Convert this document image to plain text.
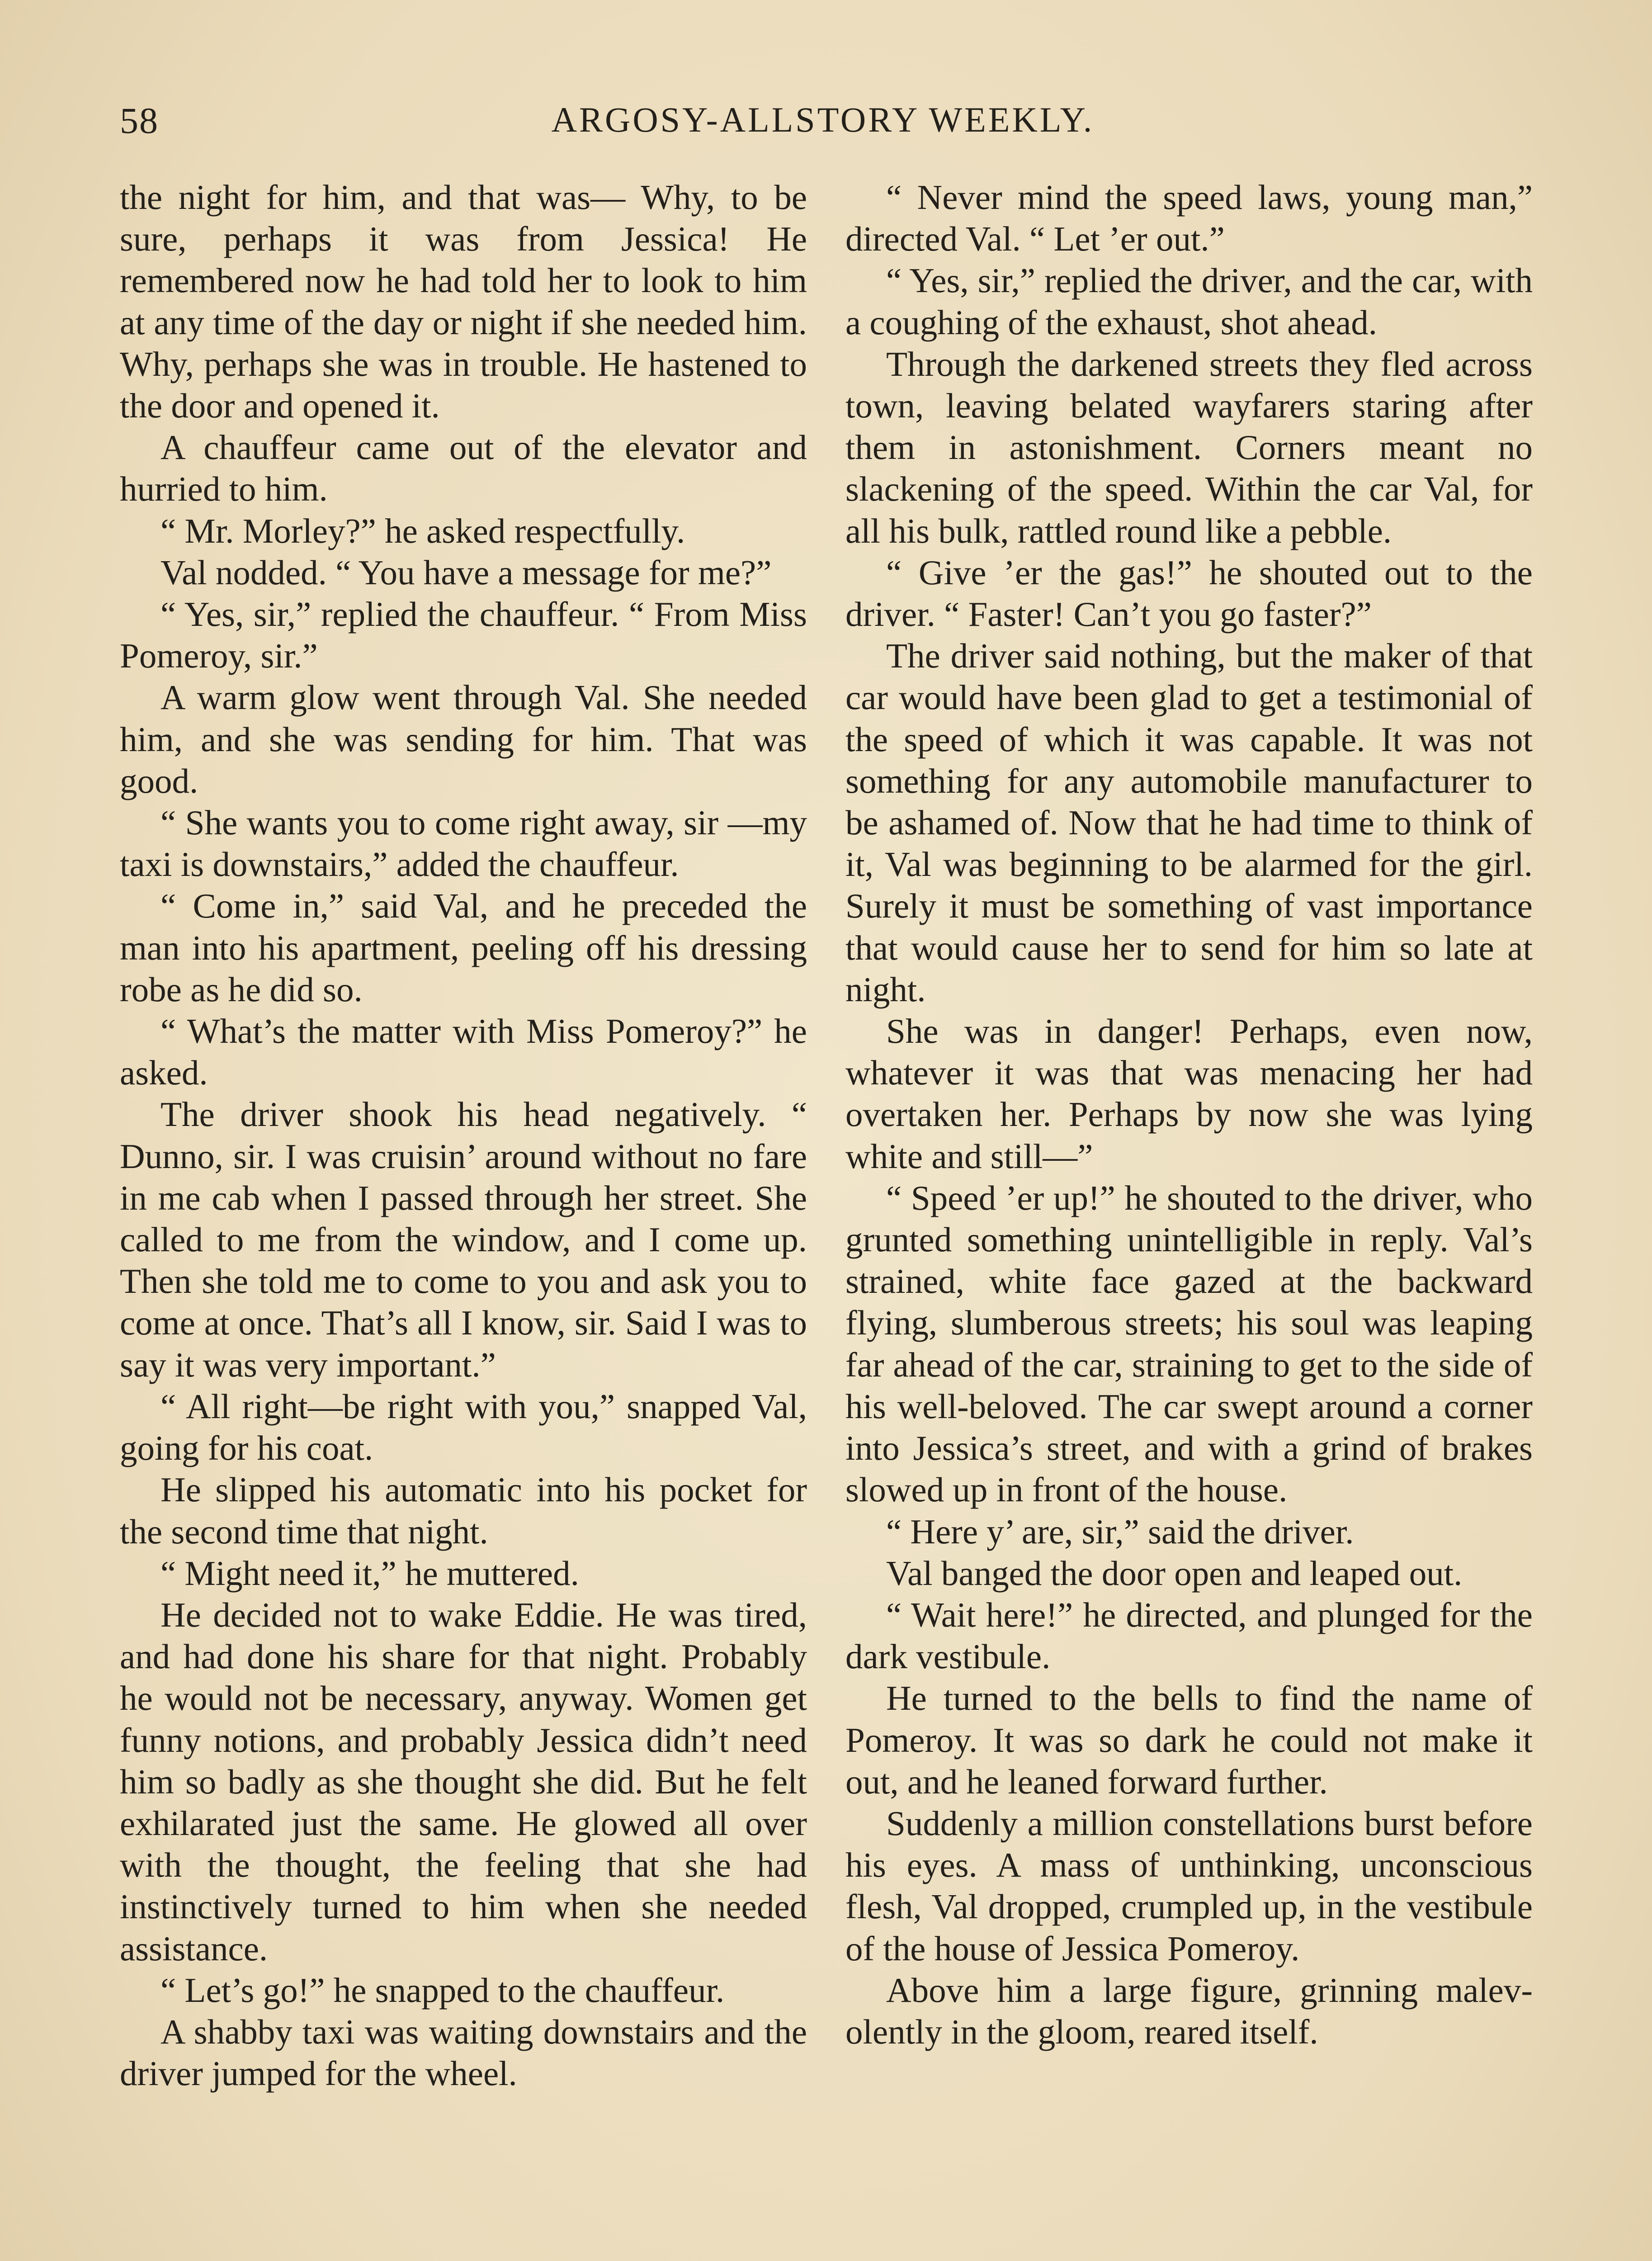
58	ARGOSY-ALLSTORY WEEKLY.

the night for him, and that was— Why, to be sure, perhaps it was from Jessica! He remembered now he had told her to look to him at any time of the day or night if she needed him. Why, perhaps she was in trouble. He hastened to the door and opened it.

A chauffeur came out of the elevator and hurried to him.

“ Mr. Morley?” he asked respectfully.

Val nodded. “ You have a message for me?”

“ Yes, sir,” replied the chauffeur. “ From Miss Pomeroy, sir.”

A warm glow went through Val. She needed him, and she was sending for him. That was good.

“ She wants you to come right away, sir —my taxi is downstairs,” added the chauffeur.

“ Come in,” said Val, and he preceded the man into his apartment, peeling off his dressing robe as he did so.

“ What’s the matter with Miss Pomeroy?” he asked.

The driver shook his head negatively. “ Dunno, sir. I was cruisin’ around without no fare in me cab when I passed through her street. She called to me from the window, and I come up. Then she told me to come to you and ask you to come at once. That’s all I know, sir. Said I was to say it was very important.”

“ All right—be right with you,” snapped Val, going for his coat.

He slipped his automatic into his pocket for the second time that night.

“ Might need it,” he muttered.

He decided not to wake Eddie. He was tired, and had done his share for that night. Probably he would not be necessary, anyway. Women get funny notions, and probably Jessica didn’t need him so badly as she thought she did. But he felt exhilarated just the same. He glowed all over with the thought, the feeling that she had instinctively turned to him when she needed assistance.

“ Let’s go!” he snapped to the chauffeur.

A shabby taxi was waiting downstairs and the driver jumped for the wheel.

“ Never mind the speed laws, young man,” directed Val. “ Let ’er out.”

“ Yes, sir,” replied the driver, and the car, with a coughing of the exhaust, shot ahead.

Through the darkened streets they fled across town, leaving belated wayfarers staring after them in astonishment. Corners meant no slackening of the speed. Within the car Val, for all his bulk, rattled round like a pebble.

“ Give ’er the gas!” he shouted out to the driver. “ Faster! Can’t you go faster?”

The driver said nothing, but the maker of that car would have been glad to get a testimonial of the speed of which it was capable. It was not something for any automobile manufacturer to be ashamed of. Now that he had time to think of it, Val was beginning to be alarmed for the girl. Surely it must be something of vast importance that would cause her to send for him so late at night.

She was in danger! Perhaps, even now, whatever it was that was menacing her had overtaken her. Perhaps by now she was lying white and still—”

“ Speed ’er up!” he shouted to the driver, who grunted something unintelligible in reply. Val’s strained, white face gazed at the backward flying, slumberous streets; his soul was leaping far ahead of the car, straining to get to the side of his well-beloved. The car swept around a corner into Jessica’s street, and with a grind of brakes slowed up in front of the house.

“ Here y’ are, sir,” said the driver.

Val banged the door open and leaped out.

“ Wait here!” he directed, and plunged for the dark vestibule.

He turned to the bells to find the name of Pomeroy. It was so dark he could not make it out, and he leaned forward further.

Suddenly a million constellations burst before his eyes. A mass of unthinking, unconscious flesh, Val dropped, crumpled up, in the vestibule of the house of Jessica Pomeroy.

Above him a large figure, grinning malevolently in the gloom, reared itself.
